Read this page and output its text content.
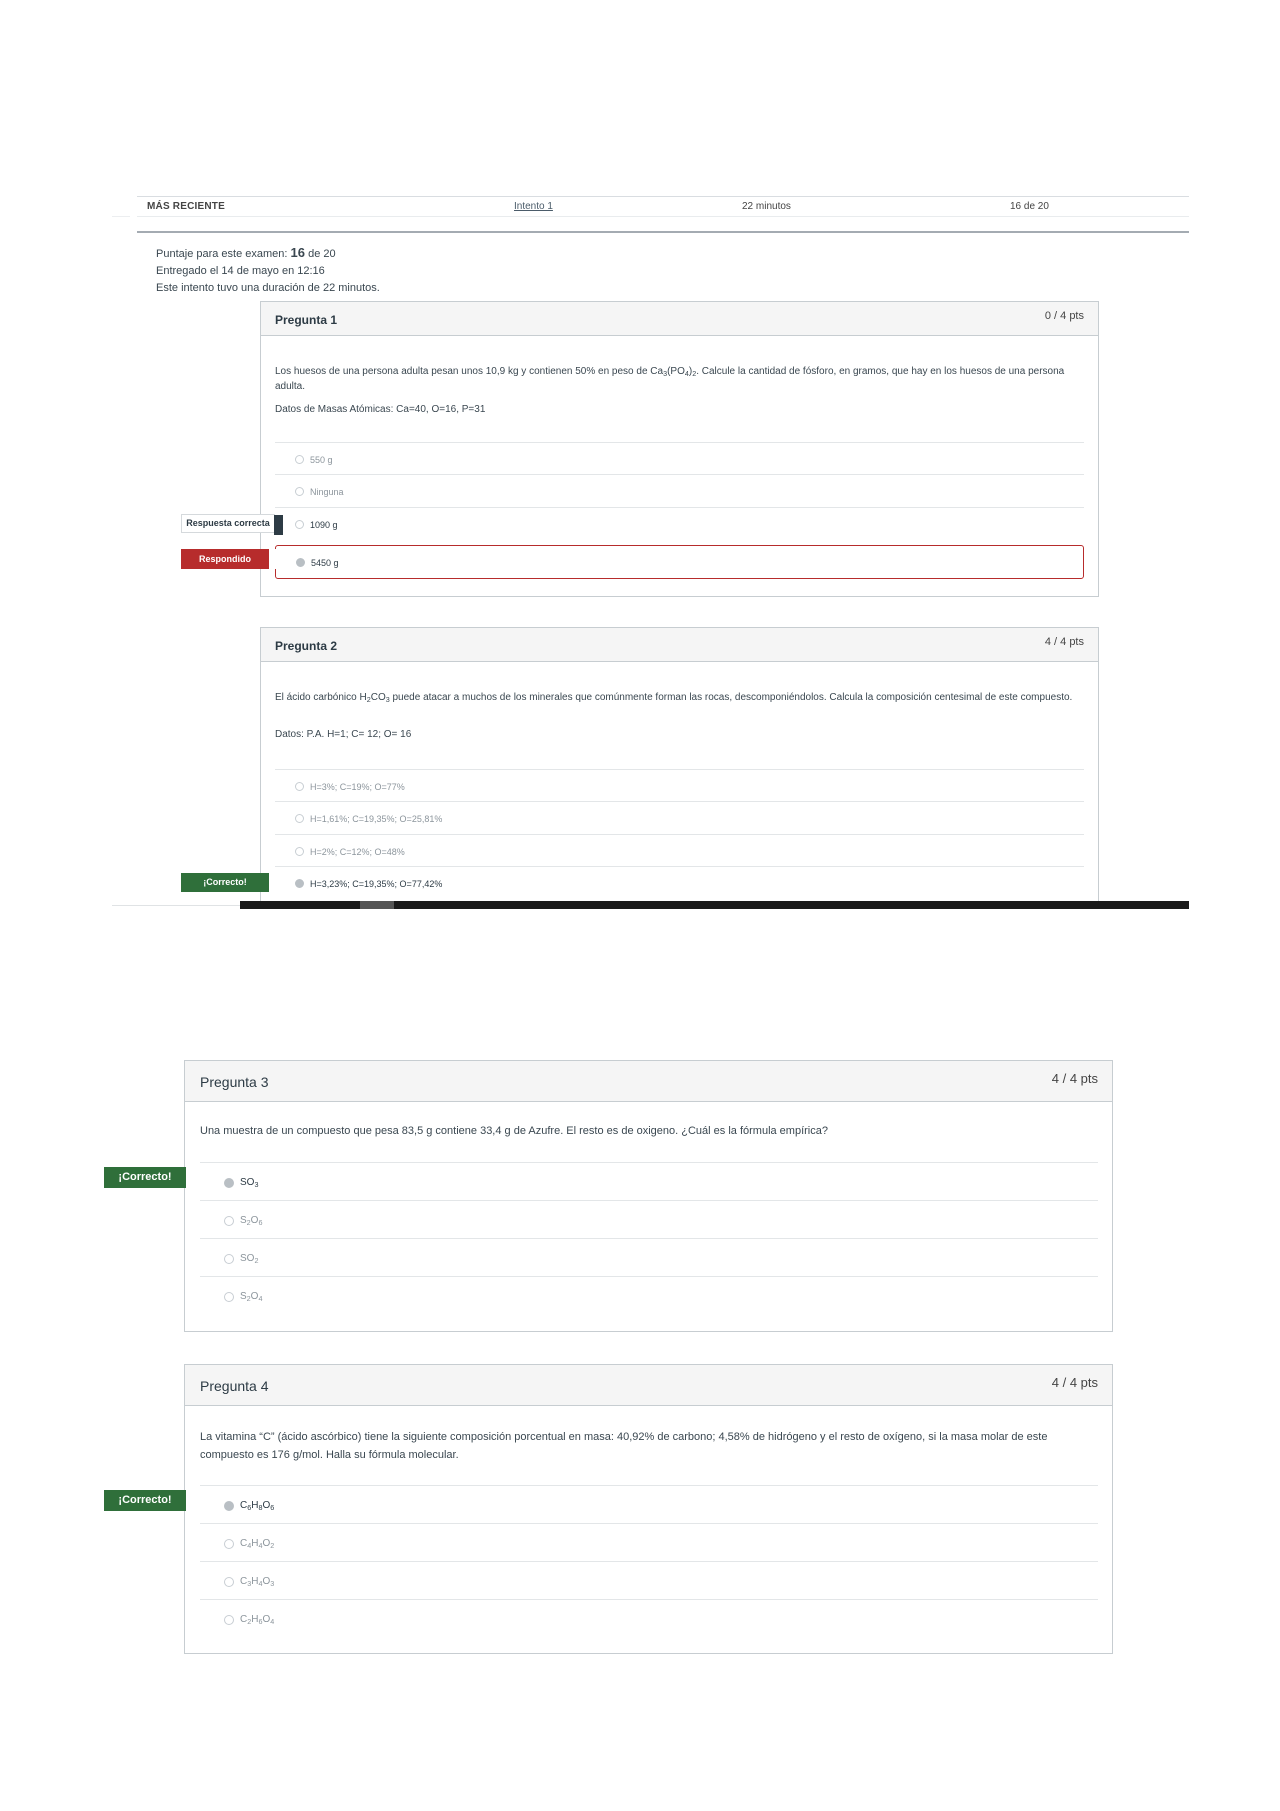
MÁS RECIENTE	Intento 1	22 minutos	16 de 20
Puntaje para este examen: 16 de 20
Entregado el 14 de mayo en 12:16
Este intento tuvo una duración de 22 minutos.
Pregunta 1	0 / 4 pts
Los huesos de una persona adulta pesan unos 10,9 kg y contienen 50% en peso de $Ca_3(PO_4)_2$. Calcule la cantidad de fósforo, en gramos, que hay en los huesos de una persona adulta.
Datos de Masas Atómicas: Ca=40, O=16, P=31
550 g
Ninguna
1090 g
5450 g
Respuesta correcta
Respondido
Pregunta 2	4 / 4 pts
El ácido carbónico $H_2CO_3$ puede atacar a muchos de los minerales que comúnmente forman las rocas, descomponiéndolos. Calcula la composición centesimal de este compuesto.
Datos: P.A. H=1; C= 12; O= 16
H=3%; C=19%; O=77%
H=1,61%; C=19,35%; O=25,81%
H=2%; C=12%; O=48%
H=3,23%; C=19,35%; O=77,42%
¡Correcto!
Pregunta 3	4 / 4 pts
Una muestra de un compuesto que pesa 83,5 g contiene 33,4 g de Azufre. El resto es de oxigeno. ¿Cuál es la fórmula empírica?
$SO_3$
$S_2O_6$
$SO_2$
$S_2O_4$
¡Correcto!
Pregunta 4	4 / 4 pts
La vitamina “C” (ácido ascórbico) tiene la siguiente composición porcentual en masa: 40,92% de carbono; 4,58% de hidrógeno y el resto de oxígeno, si la masa molar de este compuesto es 176 g/mol. Halla su fórmula molecular.
$C_6H_8O_6$
$C_4H_4O_2$
$C_3H_4O_3$
$C_2H_6O_4$
¡Correcto!
